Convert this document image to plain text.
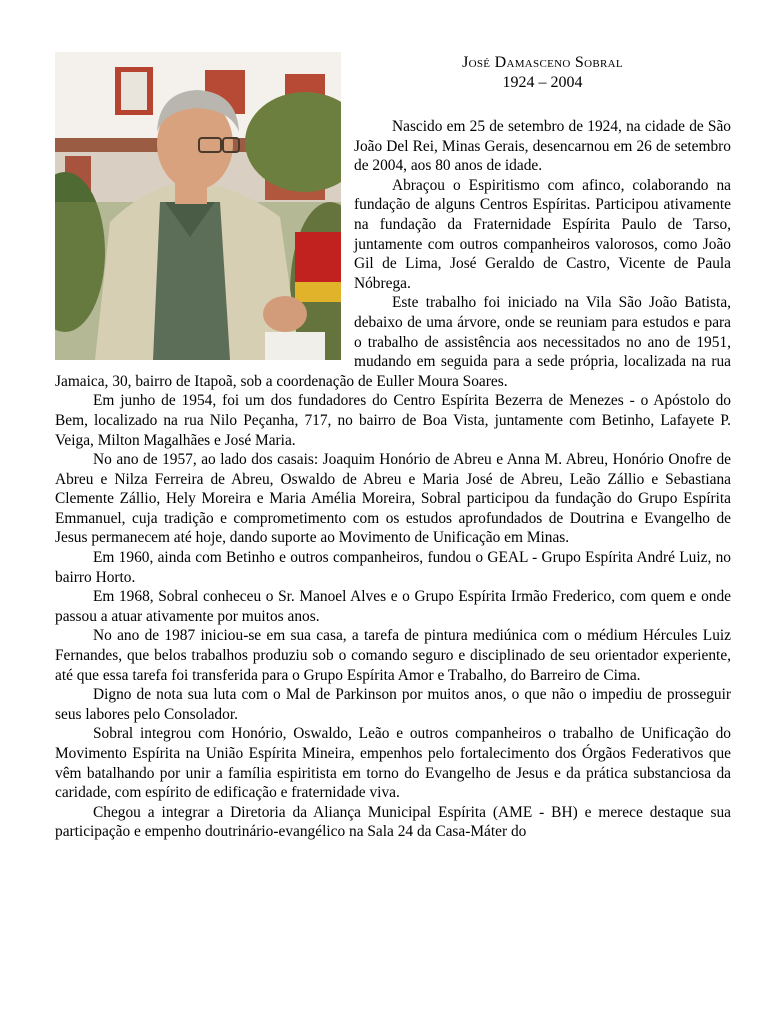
José Damasceno Sobral
1924 – 2004

Nascido em 25 de setembro de 1924, na cidade de São João Del Rei, Minas Gerais, desencarnou em 26 de setembro de 2004, aos 80 anos de idade.

Abraçou o Espiritismo com afinco, colaborando na fundação de alguns Centros Espíritas. Participou ativamente na fundação da Fraternidade Espírita Paulo de Tarso, juntamente com outros companheiros valorosos, como João Gil de Lima, José Geraldo de Castro, Vicente de Paula Nóbrega.

Este trabalho foi iniciado na Vila São João Batista, debaixo de uma árvore, onde se reuniam para estudos e para o trabalho de assistência aos necessitados no ano de 1951, mudando em seguida para a sede própria, localizada na rua Jamaica, 30, bairro de Itapoã, sob a coordenação de Euller Moura Soares.

Em junho de 1954, foi um dos fundadores do Centro Espírita Bezerra de Menezes - o Apóstolo do Bem, localizado na rua Nilo Peçanha, 717, no bairro de Boa Vista, juntamente com Betinho, Lafayete P. Veiga, Milton Magalhães e José Maria.

No ano de 1957, ao lado dos casais: Joaquim Honório de Abreu e Anna M. Abreu, Honório Onofre de Abreu e Nilza Ferreira de Abreu, Oswaldo de Abreu e Maria José de Abreu, Leão Zállio e Sebastiana Clemente Zállio, Hely Moreira e Maria Amélia Moreira, Sobral participou da fundação do Grupo Espírita Emmanuel, cuja tradição e comprometimento com os estudos aprofundados de Doutrina e Evangelho de Jesus permanecem até hoje, dando suporte ao Movimento de Unificação em Minas.

Em 1960, ainda com Betinho e outros companheiros, fundou o GEAL - Grupo Espírita André Luiz, no bairro Horto.

Em 1968, Sobral conheceu o Sr. Manoel Alves e o Grupo Espírita Irmão Frederico, com quem e onde passou a atuar ativamente por muitos anos.

No ano de 1987 iniciou-se em sua casa, a tarefa de pintura mediúnica com o médium Hércules Luiz Fernandes, que belos trabalhos produziu sob o comando seguro e disciplinado de seu orientador experiente, até que essa tarefa foi transferida para o Grupo Espírita Amor e Trabalho, do Barreiro de Cima.

Digno de nota sua luta com o Mal de Parkinson por muitos anos, o que não o impediu de prosseguir seus labores pelo Consolador.

Sobral integrou com Honório, Oswaldo, Leão e outros companheiros o trabalho de Unificação do Movimento Espírita na União Espírita Mineira, empenhos pelo fortalecimento dos Órgãos Federativos que vêm batalhando por unir a família espiritista em torno do Evangelho de Jesus e da prática substanciosa da caridade, com espírito de edificação e fraternidade viva.

Chegou a integrar a Diretoria da Aliança Municipal Espírita (AME - BH) e merece destaque sua participação e empenho doutrinário-evangélico na Sala 24 da Casa-Máter do
